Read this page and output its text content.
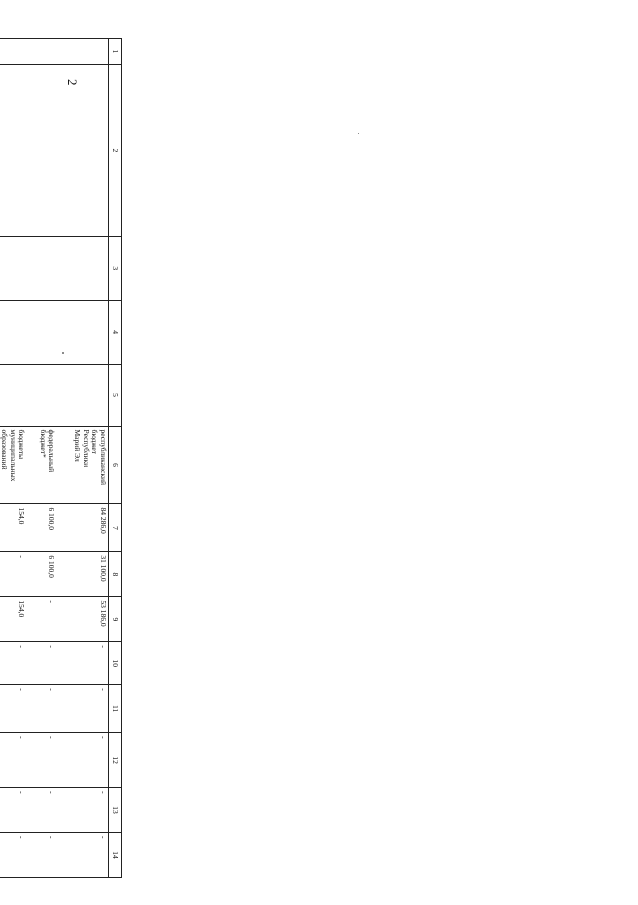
2
1	2	3	4	5	6	7	8	9	10	11	12	13	14
					республиканский
бюджет
Республики
Марий Эл	84 286,0	31 100,0	53 186,0	-	-	-	-	-
					федеральный
бюджет*	6 100,0	6 100,0	-	-	-	-	-	-
					бюджеты
муниципальных
образований	154,0	-	154,0	-	-	-	-	-
